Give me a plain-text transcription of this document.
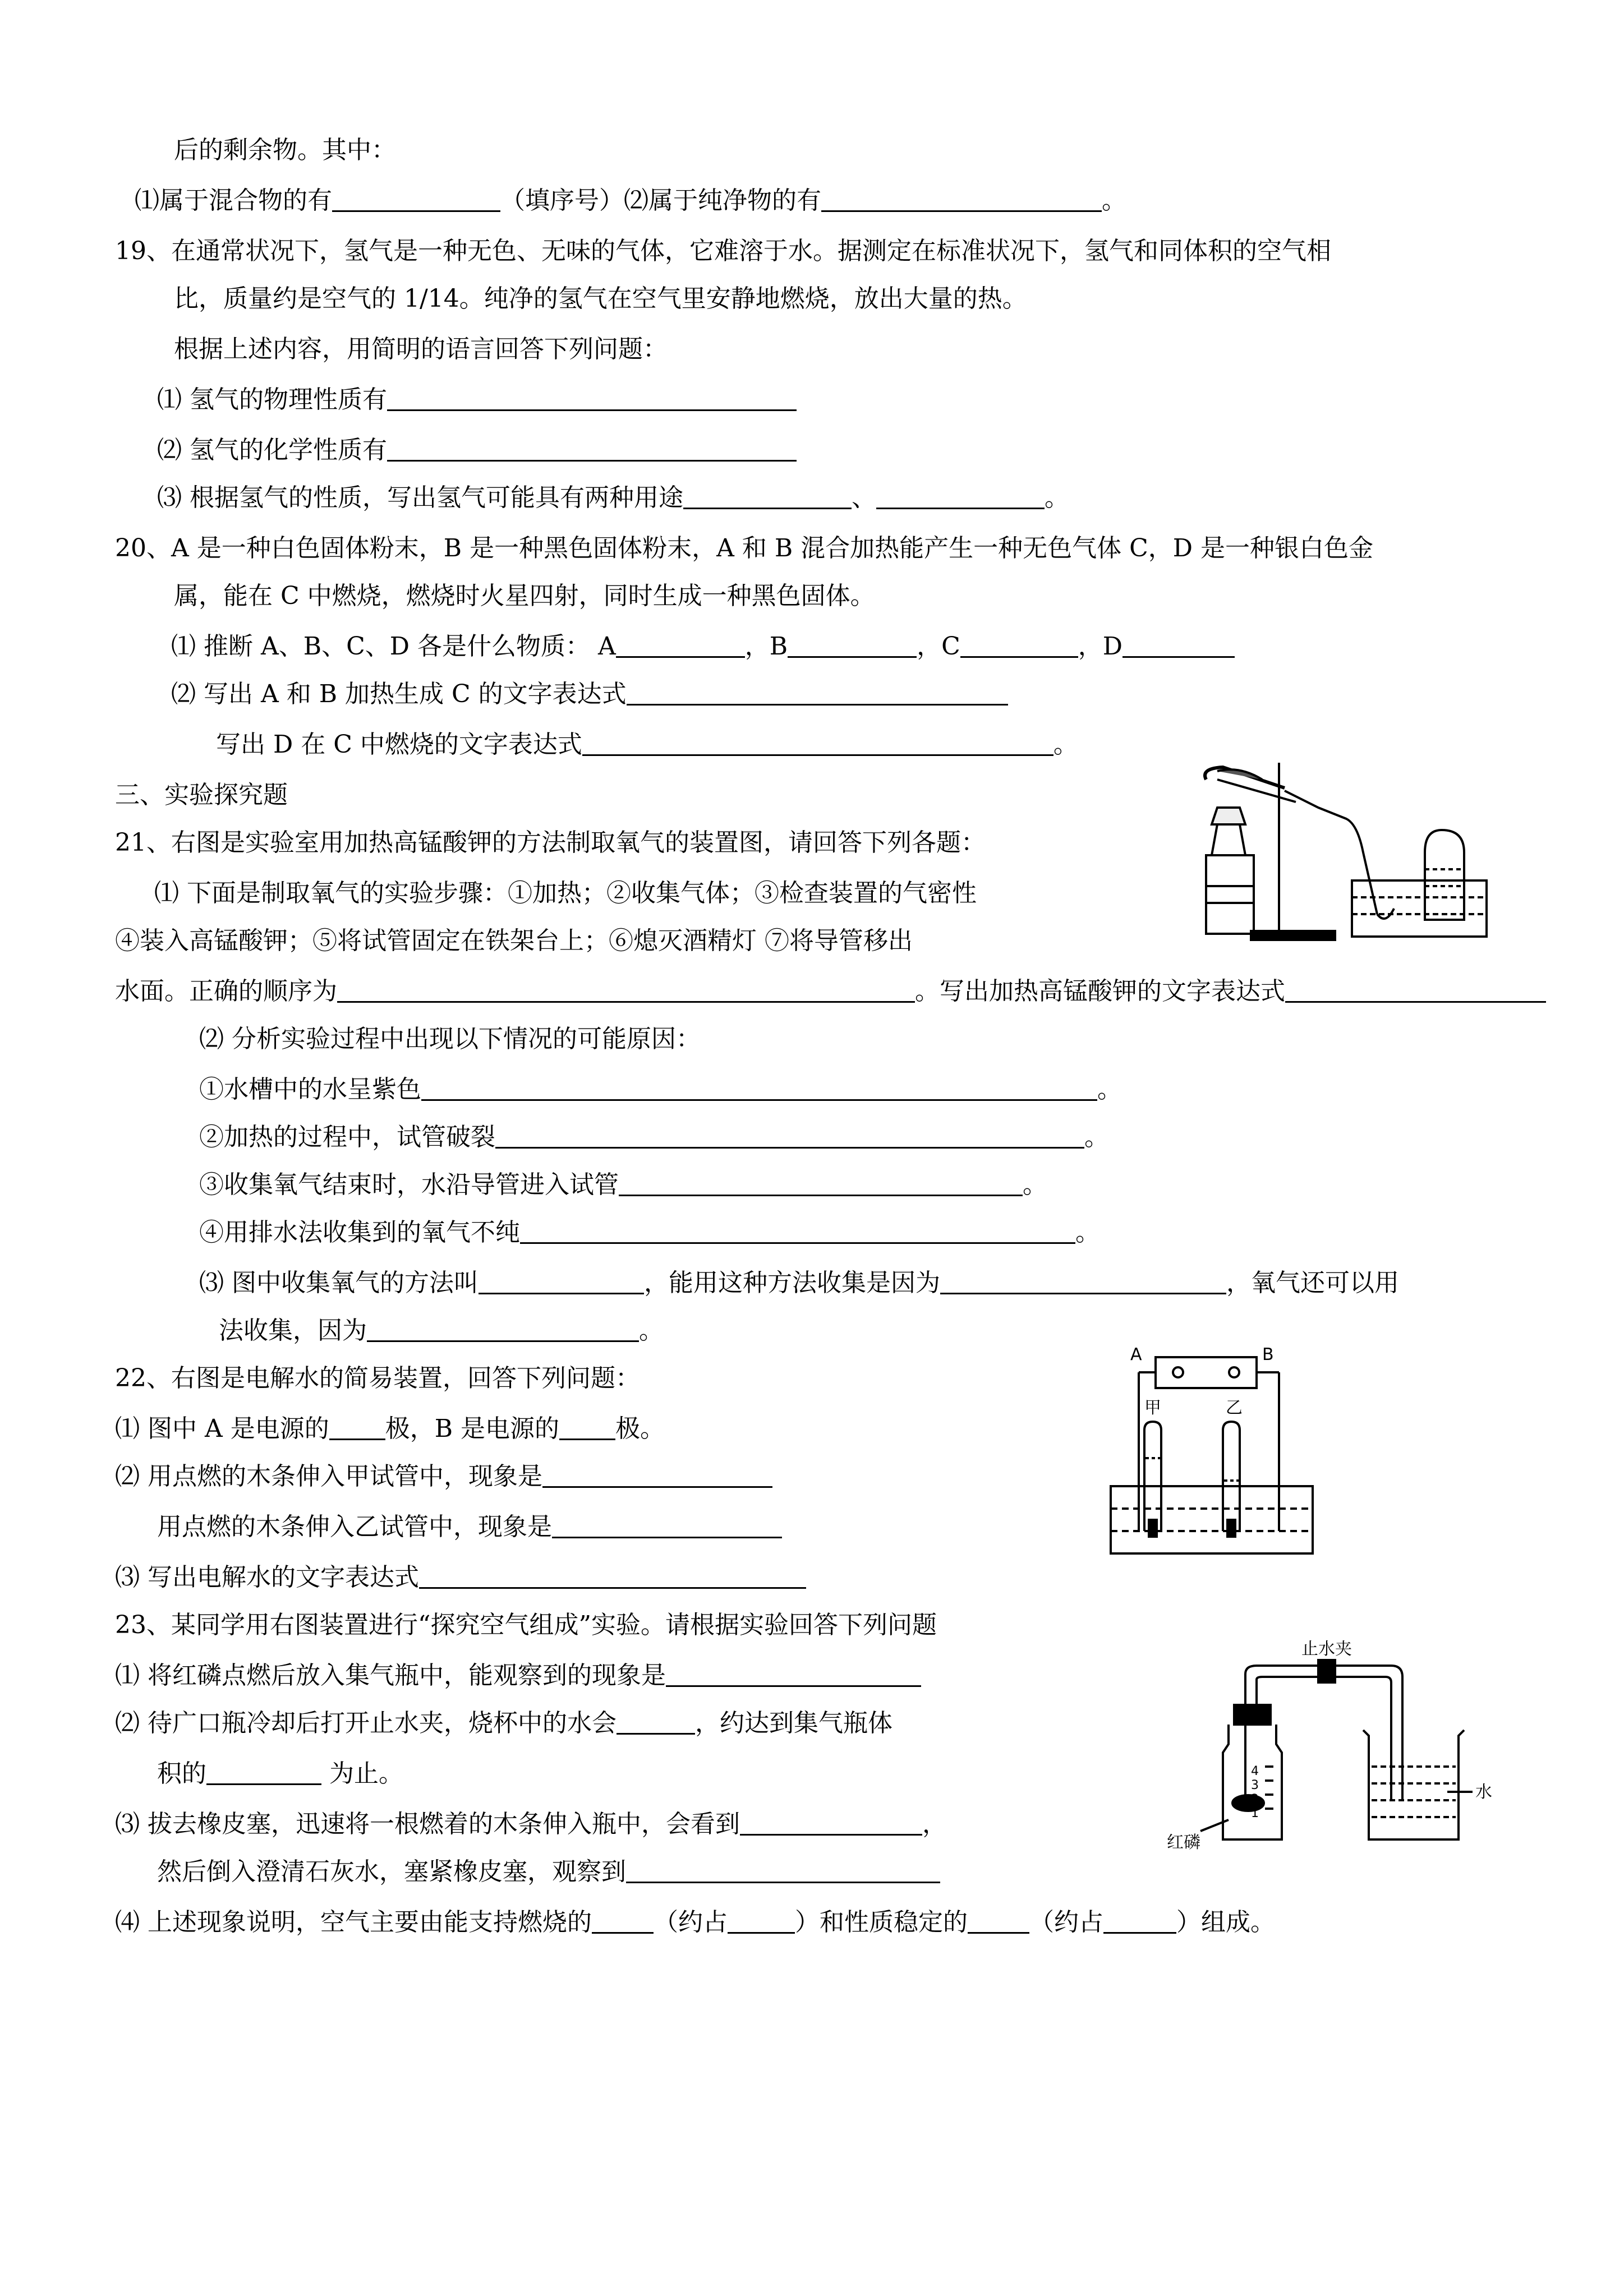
后的剩余物。其中：
⑴属于混合物的有	（填序号）⑵属于纯净物的有	。
19、在通常状况下，氢气是一种无色、无味的气体，它难溶于水。据测定在标准状况下，氢气和同体积的空气相
比，质量约是空气的 1/14。纯净的氢气在空气里安静地燃烧，放出大量的热。
根据上述内容，用简明的语言回答下列问题：
⑴ 氢气的物理性质有
⑵ 氢气的化学性质有
⑶ 根据氢气的性质，写出氢气可能具有两种用途	、	。
20、A 是一种白色固体粉末，B 是一种黑色固体粉末，A 和 B 混合加热能产生一种无色气体 C，D 是一种银白色金
属，能在 C 中燃烧，燃烧时火星四射，同时生成一种黑色固体。
⑴ 推断 A、B、C、D 各是什么物质： A	，B	，C	，D
⑵ 写出 A 和 B 加热生成 C 的文字表达式
写出 D 在 C 中燃烧的文字表达式	。
三、实验探究题
21、右图是实验室用加热高锰酸钾的方法制取氧气的装置图，请回答下列各题：
⑴ 下面是制取氧气的实验步骤：①加热；②收集气体；③检查装置的气密性
④装入高锰酸钾；⑤将试管固定在铁架台上；⑥熄灭酒精灯 ⑦将导管移出
水面。正确的顺序为	。写出加热高锰酸钾的文字表达式
⑵ 分析实验过程中出现以下情况的可能原因：
①水槽中的水呈紫色	。
②加热的过程中，试管破裂	。
③收集氧气结束时，水沿导管进入试管	。
④用排水法收集到的氧气不纯	。
⑶ 图中收集氧气的方法叫	，能用这种方法收集是因为	，氧气还可以用
法收集，因为	。
22、右图是电解水的简易装置，回答下列问题：
⑴ 图中 A 是电源的 极，B 是电源的 极。
⑵ 用点燃的木条伸入甲试管中，现象是
用点燃的木条伸入乙试管中，现象是
⑶ 写出电解水的文字表达式
A	B
甲	乙
23、某同学用右图装置进行“探究空气组成”实验。请根据实验回答下列问题
⑴ 将红磷点燃后放入集气瓶中，能观察到的现象是
⑵ 待广口瓶冷却后打开止水夹，烧杯中的水会	，约达到集气瓶体
积的	为止。
⑶ 拔去橡皮塞，迅速将一根燃着的木条伸入瓶中，会看到	，
然后倒入澄清石灰水，塞紧橡皮塞，观察到
⑷ 上述现象说明，空气主要由能支持燃烧的	（约占	）和性质稳定的	（约占	）组成。
止水夹
水
红磷
1
2
3
4
